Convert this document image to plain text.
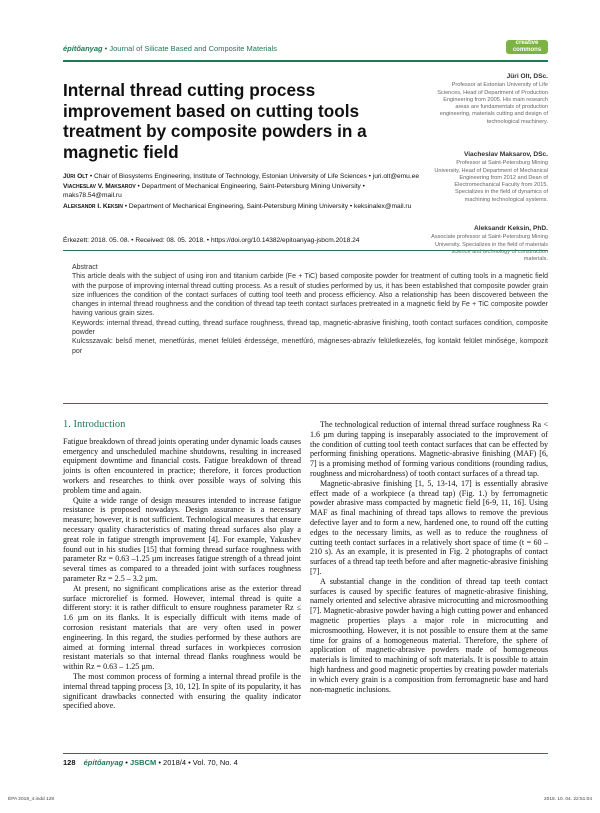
építőanyag • Journal of Silicate Based and Composite Materials
creative
commons
Internal thread cutting process improvement based on cutting tools treatment by composite powders in a magnetic field

Jüri Olt • Chair of Biosystems Engineering, Institute of Technology, Estonian University of Life Sciences • juri.olt@emu.ee

Viacheslav V. Maksarov • Department of Mechanical Engineering, Saint-Petersburg Mining University • maks78.54@mail.ru

Aleksandr I. Keksin • Department of Mechanical Engineering, Saint-Petersburg Mining University • keksinalex@mail.ru

Érkezett: 2018. 05. 08. • Received: 08. 05. 2018. • https://doi.org/10.14382/epitoanyag-jsbcm.2018.24
Jüri Olt, DSc.

Professor at Estonian University of Life Sciences, Head of Department of Production Engineering from 2005. His main research areas are fundamentals of production engineering, materials cutting and design of technological machinery.

Viacheslav Maksarov, DSc.

Professor at Saint-Petersburg Mining University, Head of Department of Mechanical Engineering from 2012 and Dean of Electromechanical Faculty from 2015. Specializes in the field of dynamics of machining technological systems.

Aleksandr Keksin, PhD.

Associate professor at Saint-Petersburg Mining University. Specializes in the field of materials science and technology of construction materials.

Abstract
This article deals with the subject of using iron and titanium carbide (Fe + TiC) based composite powder for treatment of cutting tools in a magnetic field with the purpose of improving internal thread cutting process. As a result of studies performed by us, it has been established that composite powder grain size influences the condition of the contact surfaces of cutting tool teeth and process efficiency. Also a relationship has been discovered between the changes in internal thread roughness and the condition of thread tap teeth contact surfaces pretreated in a magnetic field by Fe + TiC composite powder having various grain sizes.

Keywords: internal thread, thread cutting, thread surface roughness, thread tap, magnetic-abrasive finishing, tooth contact surfaces condition, composite powder

Kulcsszavak: belső menet, menetfúrás, menet felületi érdessége, menetfúró, mágneses-abrazív felületkezelés, fog kontakt felület minősége, kompozit por

1. Introduction

Fatigue breakdown of thread joints operating under dynamic loads causes emergency and unscheduled machine shutdowns, resulting in increased equipment downtime and financial costs. Fatigue breakdown of thread joints is often encountered in practice; therefore, it forces production workers and researches to think over possible ways of solving this problem time and again.

Quite a wide range of design measures intended to increase fatigue resistance is proposed nowadays. Design assurance is a necessary measure; however, it is not sufficient. Technological measures that ensure necessary quality characteristics of mating thread surfaces also play a great role in fatigue strength improvement [4]. For example, Yakushev found out in his studies [15] that forming thread surface roughness with parameter Rz = 0.63 –1.25 µm increases fatigue strength of a thread joint several times as compared to a threaded joint with surfaces roughness parameter Rz = 2.5 – 3.2 µm.

At present, no significant complications arise as the exterior thread surface microrelief is formed. However, internal thread is quite a different story: it is rather difficult to ensure roughness parameter Rz ≤ 1.6 µm on its flanks. It is especially difficult with items made of corrosion resistant materials that are very often used in power engineering. In this regard, the studies performed by these authors are aimed at forming internal thread surfaces in workpieces corrosion resistant materials so that internal thread flanks roughness would be within Rz = 0.63 – 1.25 µm.

The most common process of forming a internal thread profile is the internal thread tapping process [3, 10, 12]. In spite of its popularity, it has significant drawbacks connected with ensuring the quality indicator specified above.

The technological reduction of internal thread surface roughness Ra < 1.6 µm during tapping is inseparably associated to the improvement of the condition of cutting tool teeth contact surfaces that can be effected by performing finishing operations. Magnetic-abrasive finishing (MAF) [6, 7] is a promising method of forming various conditions (rounding radius, roughness and microhardness) of tooth contact surfaces of a thread tap.

Magnetic-abrasive finishing [1, 5, 13-14, 17] is essentially abrasive effect made of a workpiece (a thread tap) (Fig. 1.) by ferromagnetic powder abrasive mass compacted by magnetic field [6-9, 11, 16]. Using MAF as final machining of thread taps allows to remove the previous defective layer and to form a new, hardened one, to round off the cutting edges to the necessary limits, as well as to reduce the roughness of cutting teeth contact surfaces in a relatively short space of time (t = 60 – 210 s). As an example, it is presented in Fig. 2 photographs of contact surfaces of a thread tap teeth before and after magnetic-abrasive finishing [7].

A substantial change in the condition of thread tap teeth contact surfaces is caused by specific features of magnetic-abrasive finishing, namely oriented and selective abrasive microcutting and microsmoothing [7]. Magnetic-abrasive powder having a high cutting power and enhanced magnetic properties plays a major role in microcutting and microsmoothing. However, it is not possible to ensure them at the same time for grains of a homogeneous material. Therefore, the sphere of application of magnetic-abrasive powders made of homogeneous materials is limited to machining of soft materials. It is possible to attain high hardness and good magnetic properties by creating powder materials in which every grain is a composition from ferromagnetic base and hard non-magnetic inclusions.

128 építőanyag • JSBCM • 2018/4 • Vol. 70, No. 4
ÉPA 2018_4.indd 128	2018. 10. 04. 22:51:04
